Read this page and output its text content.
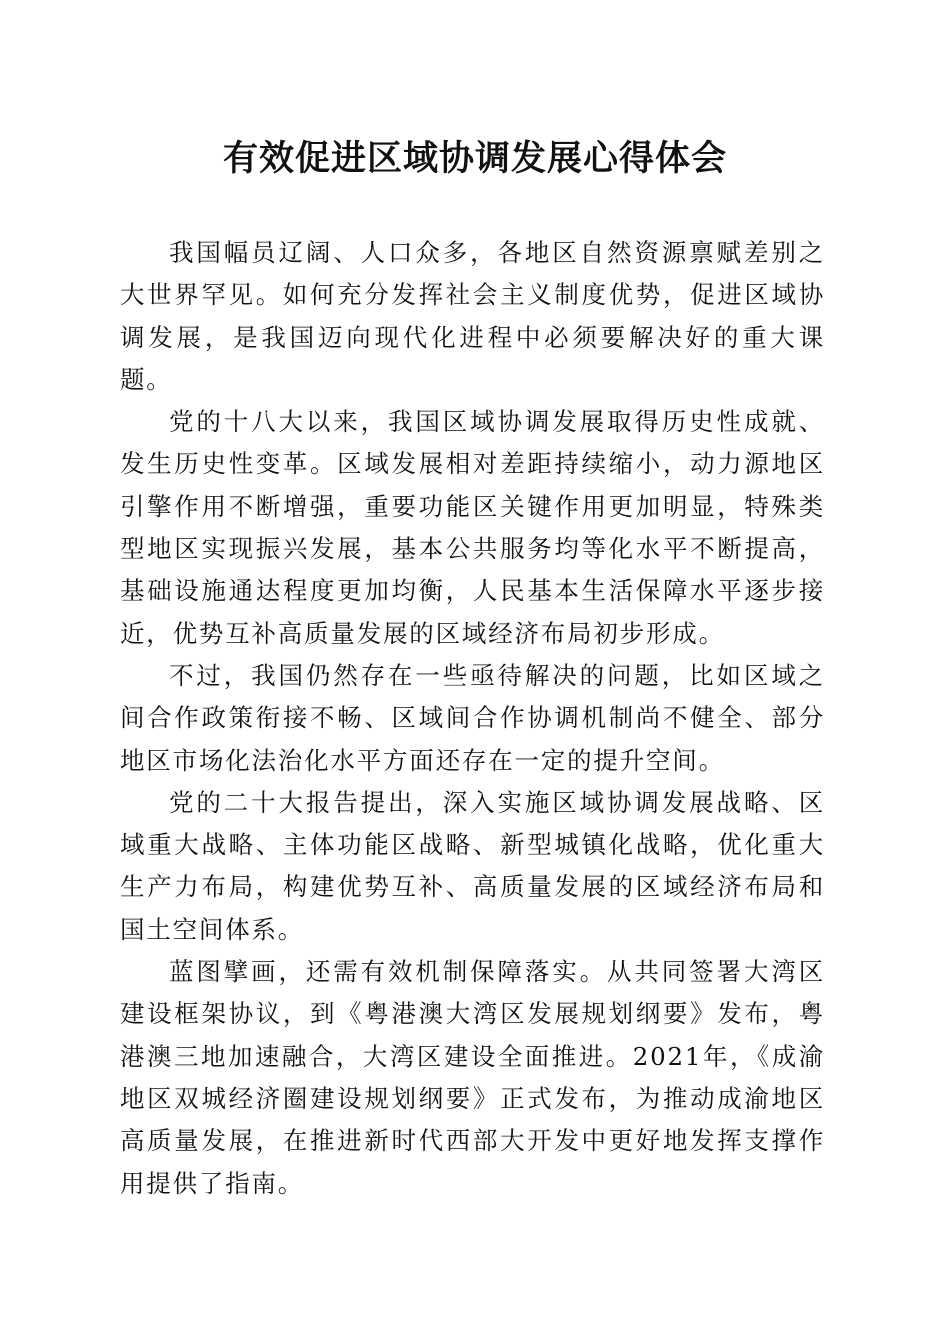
有效促进区域协调发展心得体会

我国幅员辽阔、人口众多，各地区自然资源禀赋差别之大世界罕见。如何充分发挥社会主义制度优势，促进区域协调发展，是我国迈向现代化进程中必须要解决好的重大课题。

党的十八大以来，我国区域协调发展取得历史性成就、发生历史性变革。区域发展相对差距持续缩小，动力源地区引擎作用不断增强，重要功能区关键作用更加明显，特殊类型地区实现振兴发展，基本公共服务均等化水平不断提高，基础设施通达程度更加均衡，人民基本生活保障水平逐步接近，优势互补高质量发展的区域经济布局初步形成。

不过，我国仍然存在一些亟待解决的问题，比如区域之间合作政策衔接不畅、区域间合作协调机制尚不健全、部分地区市场化法治化水平方面还存在一定的提升空间。

党的二十大报告提出，深入实施区域协调发展战略、区域重大战略、主体功能区战略、新型城镇化战略，优化重大生产力布局，构建优势互补、高质量发展的区域经济布局和国土空间体系。

蓝图擘画，还需有效机制保障落实。从共同签署大湾区建设框架协议，到《粤港澳大湾区发展规划纲要》发布，粤港澳三地加速融合，大湾区建设全面推进。2021年，《成渝地区双城经济圈建设规划纲要》正式发布，为推动成渝地区高质量发展，在推进新时代西部大开发中更好地发挥支撑作用提供了指南。
